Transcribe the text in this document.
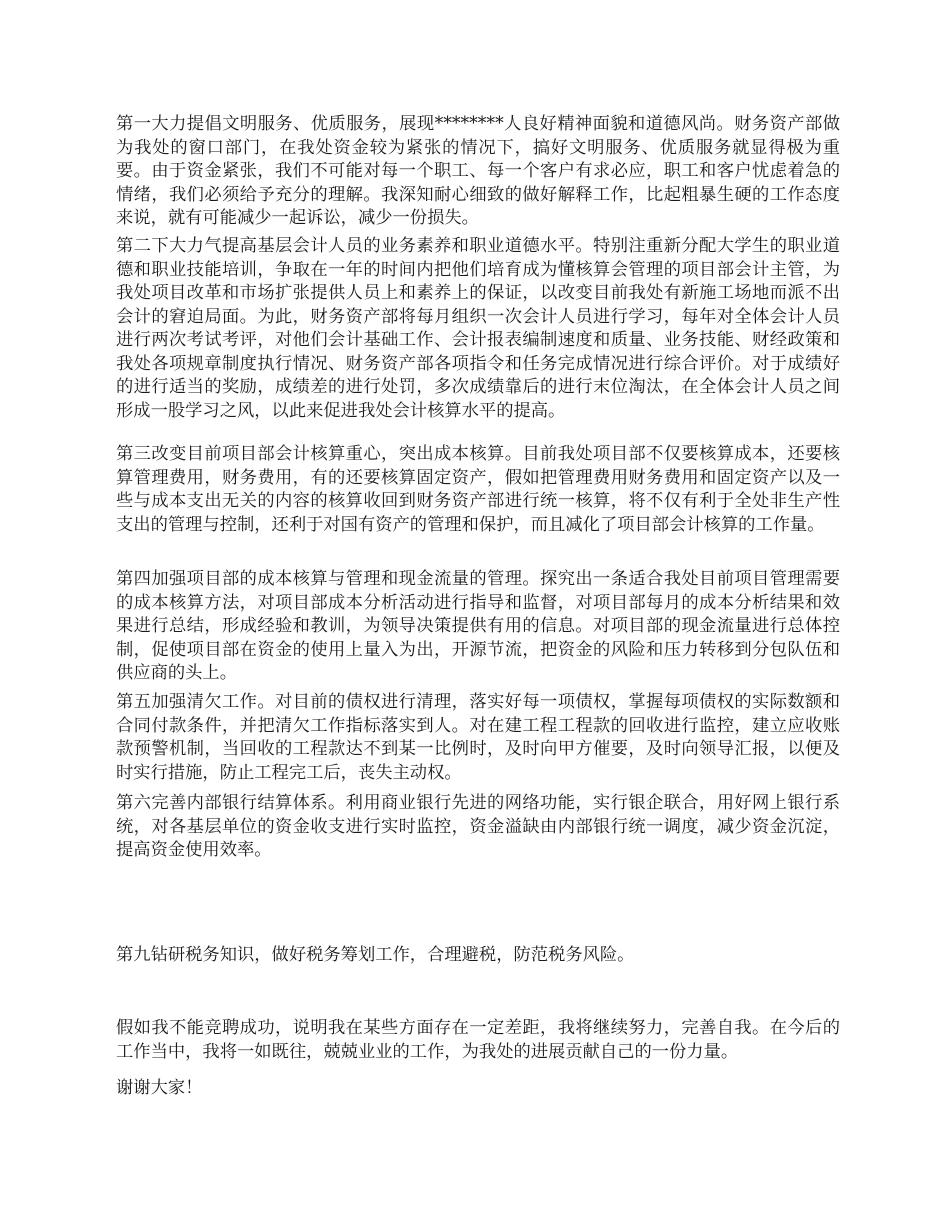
第一大力提倡文明服务、优质服务，展现********人良好精神面貌和道德风尚。财务资产部做为我处的窗口部门，在我处资金较为紧张的情况下，搞好文明服务、优质服务就显得极为重要。由于资金紧张，我们不可能对每一个职工、每一个客户有求必应，职工和客户忧虑着急的情绪，我们必须给予充分的理解。我深知耐心细致的做好解释工作，比起粗暴生硬的工作态度来说，就有可能减少一起诉讼，减少一份损失。

第二下大力气提高基层会计人员的业务素养和职业道德水平。特别注重新分配大学生的职业道德和职业技能培训，争取在一年的时间内把他们培育成为懂核算会管理的项目部会计主管，为我处项目改革和市场扩张提供人员上和素养上的保证，以改变目前我处有新施工场地而派不出会计的窘迫局面。为此，财务资产部将每月组织一次会计人员进行学习，每年对全体会计人员进行两次考试考评，对他们会计基础工作、会计报表编制速度和质量、业务技能、财经政策和我处各项规章制度执行情况、财务资产部各项指令和任务完成情况进行综合评价。对于成绩好的进行适当的奖励，成绩差的进行处罚，多次成绩靠后的进行末位淘汰，在全体会计人员之间形成一股学习之风，以此来促进我处会计核算水平的提高。

第三改变目前项目部会计核算重心，突出成本核算。目前我处项目部不仅要核算成本，还要核算管理费用，财务费用，有的还要核算固定资产，假如把管理费用财务费用和固定资产以及一些与成本支出无关的内容的核算收回到财务资产部进行统一核算，将不仅有利于全处非生产性支出的管理与控制，还利于对国有资产的管理和保护，而且减化了项目部会计核算的工作量。

第四加强项目部的成本核算与管理和现金流量的管理。探究出一条适合我处目前项目管理需要的成本核算方法，对项目部成本分析活动进行指导和监督，对项目部每月的成本分析结果和效果进行总结，形成经验和教训，为领导决策提供有用的信息。对项目部的现金流量进行总体控制，促使项目部在资金的使用上量入为出，开源节流，把资金的风险和压力转移到分包队伍和供应商的头上。

第五加强清欠工作。对目前的债权进行清理，落实好每一项债权，掌握每项债权的实际数额和合同付款条件，并把清欠工作指标落实到人。对在建工程工程款的回收进行监控，建立应收账款预警机制，当回收的工程款达不到某一比例时，及时向甲方催要，及时向领导汇报，以便及时实行措施，防止工程完工后，丧失主动权。

第六完善内部银行结算体系。利用商业银行先进的网络功能，实行银企联合，用好网上银行系统，对各基层单位的资金收支进行实时监控，资金溢缺由内部银行统一调度，减少资金沉淀，提高资金使用效率。

第九钻研税务知识，做好税务筹划工作，合理避税，防范税务风险。

假如我不能竞聘成功，说明我在某些方面存在一定差距，我将继续努力，完善自我。在今后的工作当中，我将一如既往，兢兢业业的工作，为我处的进展贡献自己的一份力量。

谢谢大家！
